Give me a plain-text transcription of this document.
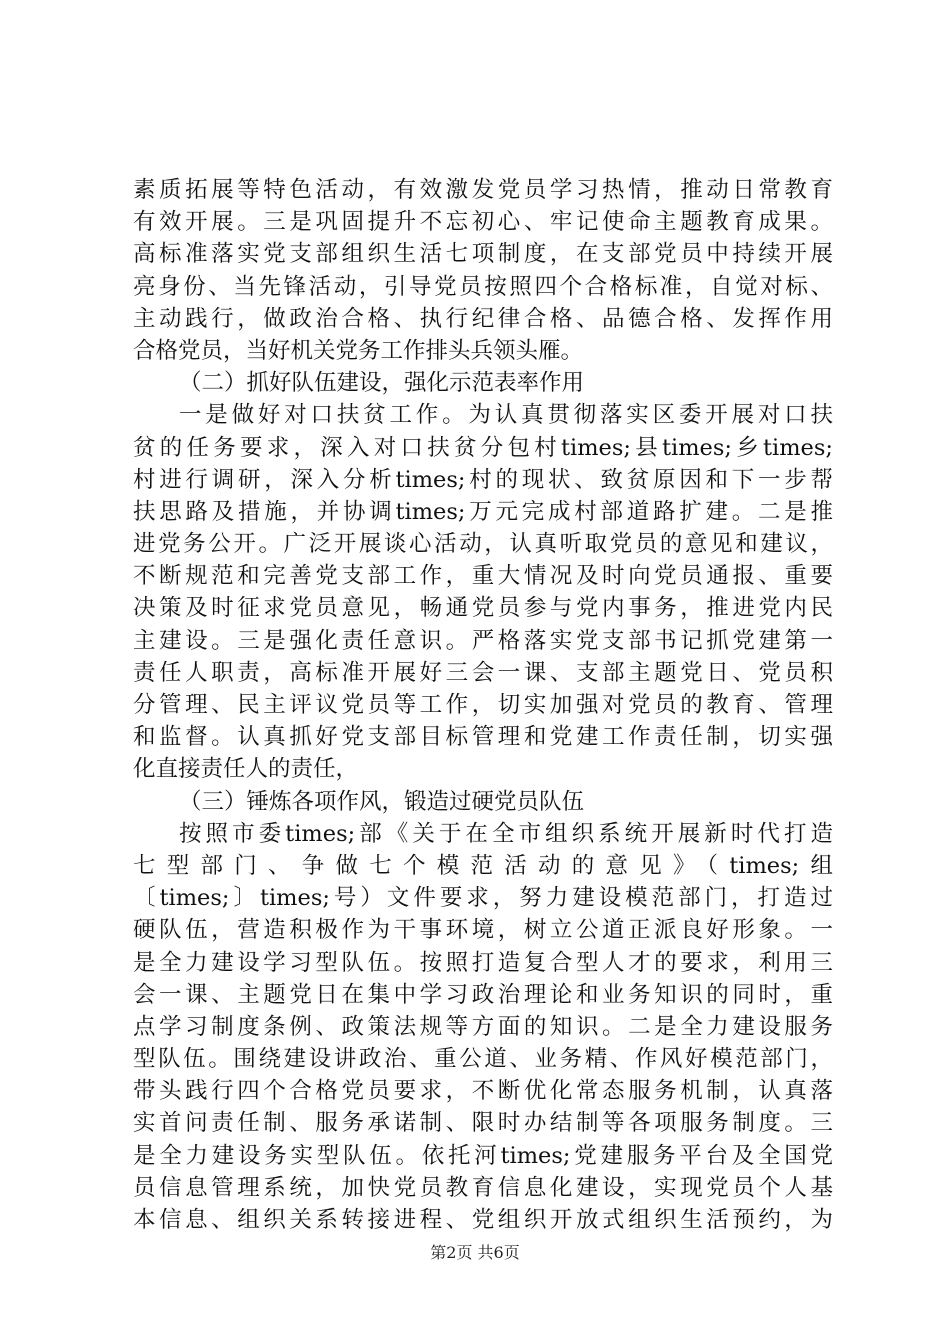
素质拓展等特色活动，有效激发党员学习热情，推动日常教育
有效开展。三是巩固提升不忘初心、牢记使命主题教育成果。
高标准落实党支部组织生活七项制度，在支部党员中持续开展
亮身份、当先锋活动，引导党员按照四个合格标准，自觉对标、
主动践行，做政治合格、执行纪律合格、品德合格、发挥作用
合格党员，当好机关党务工作排头兵领头雁。
（二）抓好队伍建设，强化示范表率作用
一是做好对口扶贫工作。为认真贯彻落实区委开展对口扶
贫的任务要求，深入对口扶贫分包村times;县times;乡times;
村进行调研，深入分析times;村的现状、致贫原因和下一步帮
扶思路及措施，并协调times;万元完成村部道路扩建。二是推
进党务公开。广泛开展谈心活动，认真听取党员的意见和建议，
不断规范和完善党支部工作，重大情况及时向党员通报、重要
决策及时征求党员意见，畅通党员参与党内事务，推进党内民
主建设。三是强化责任意识。严格落实党支部书记抓党建第一
责任人职责，高标准开展好三会一课、支部主题党日、党员积
分管理、民主评议党员等工作，切实加强对党员的教育、管理
和监督。认真抓好党支部目标管理和党建工作责任制，切实强
化直接责任人的责任，
（三）锤炼各项作风，锻造过硬党员队伍
按照市委times;部《关于在全市组织系统开展新时代打造
七型部门、争做七个模范活动的意见》（times;组
〔times;〕times;号）文件要求，努力建设模范部门，打造过
硬队伍，营造积极作为干事环境，树立公道正派良好形象。一
是全力建设学习型队伍。按照打造复合型人才的要求，利用三
会一课、主题党日在集中学习政治理论和业务知识的同时，重
点学习制度条例、政策法规等方面的知识。二是全力建设服务
型队伍。围绕建设讲政治、重公道、业务精、作风好模范部门，
带头践行四个合格党员要求，不断优化常态服务机制，认真落
实首问责任制、服务承诺制、限时办结制等各项服务制度。三
是全力建设务实型队伍。依托河times;党建服务平台及全国党
员信息管理系统，加快党员教育信息化建设，实现党员个人基
本信息、组织关系转接进程、党组织开放式组织生活预约，为
第2页 共6页
